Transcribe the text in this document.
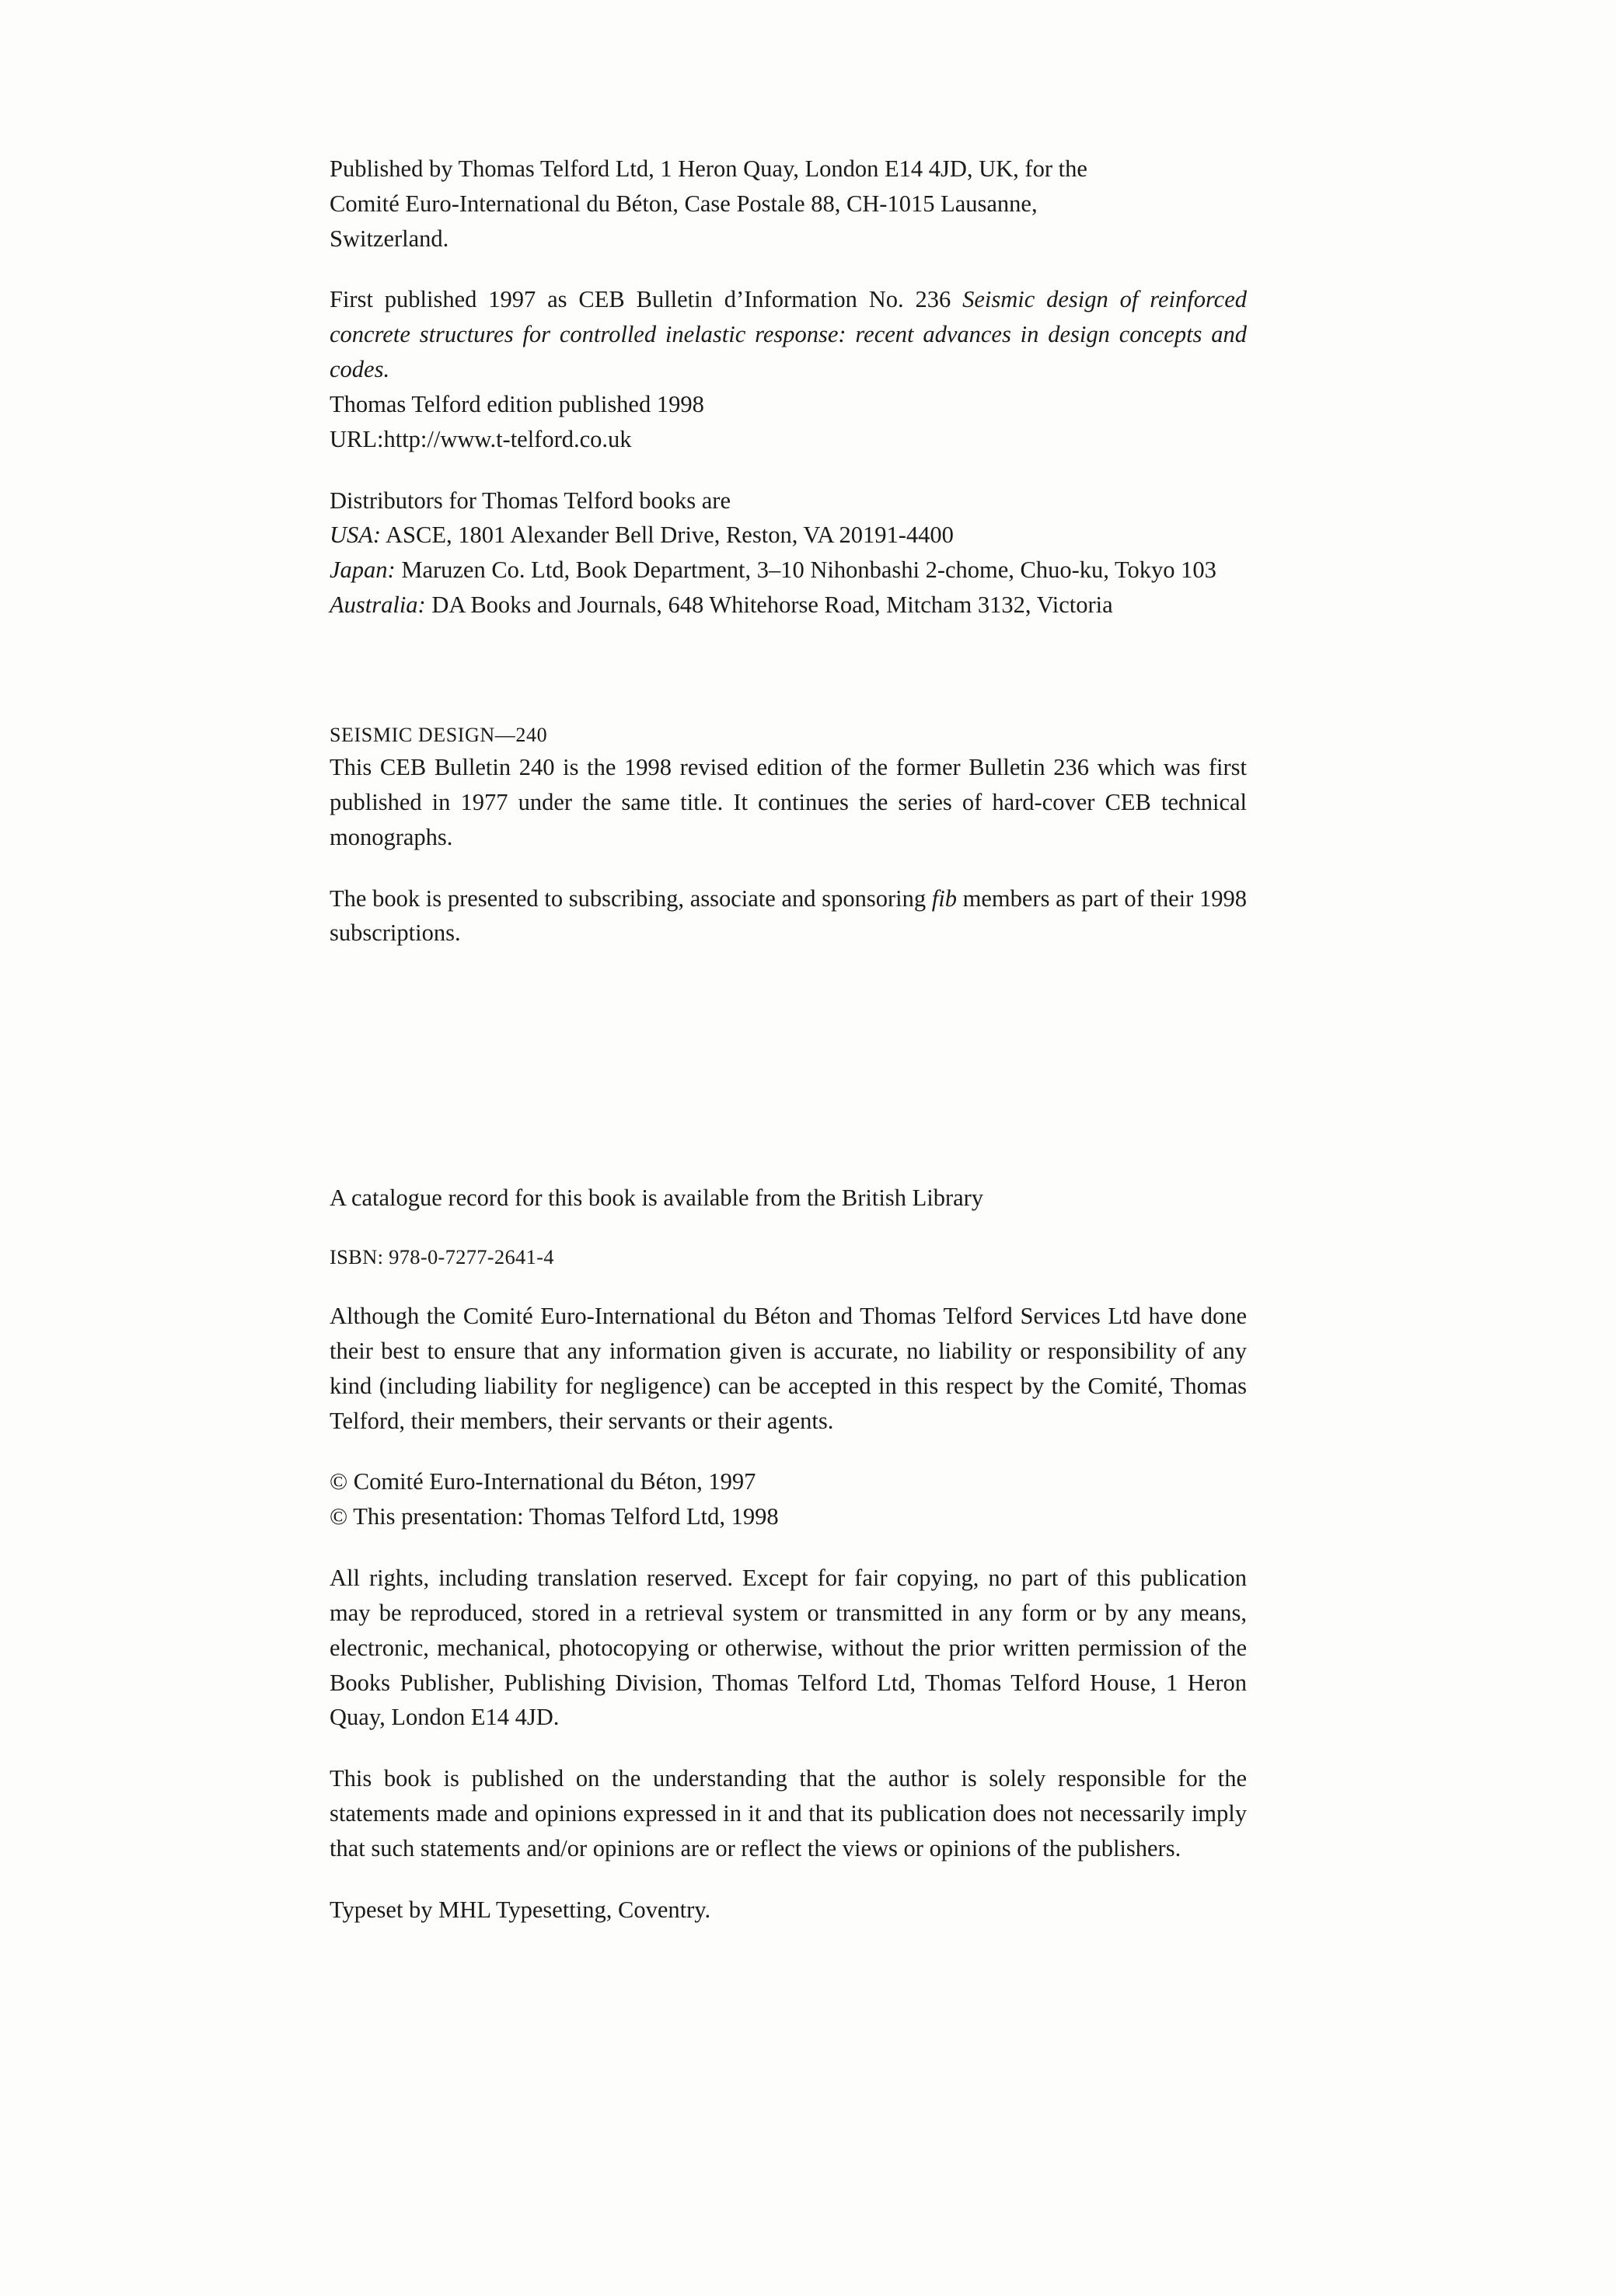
Published by Thomas Telford Ltd, 1 Heron Quay, London E14 4JD, UK, for the

Comité Euro-International du Béton, Case Postale 88, CH-1015 Lausanne,

Switzerland.

First published 1997 as CEB Bulletin d’Information No. 236 Seismic design of reinforced concrete structures for controlled inelastic response: recent advances in design concepts and codes.

Thomas Telford edition published 1998

URL:http://www.t-telford.co.uk

Distributors for Thomas Telford books are

USA: ASCE, 1801 Alexander Bell Drive, Reston, VA 20191-4400

Japan: Maruzen Co. Ltd, Book Department, 3–10 Nihonbashi 2-chome, Chuo-ku, Tokyo 103

Australia: DA Books and Journals, 648 Whitehorse Road, Mitcham 3132, Victoria

SEISMIC DESIGN—240

This CEB Bulletin 240 is the 1998 revised edition of the former Bulletin 236 which was first published in 1977 under the same title. It continues the series of hard-cover CEB technical monographs.

The book is presented to subscribing, associate and sponsoring fib members as part of their 1998 subscriptions.

A catalogue record for this book is available from the British Library

ISBN: 978-0-7277-2641-4

Although the Comité Euro-International du Béton and Thomas Telford Services Ltd have done their best to ensure that any information given is accurate, no liability or responsibility of any kind (including liability for negligence) can be accepted in this respect by the Comité, Thomas Telford, their members, their servants or their agents.

© Comité Euro-International du Béton, 1997

© This presentation: Thomas Telford Ltd, 1998

All rights, including translation reserved. Except for fair copying, no part of this publication may be reproduced, stored in a retrieval system or transmitted in any form or by any means, electronic, mechanical, photocopying or otherwise, without the prior written permission of the Books Publisher, Publishing Division, Thomas Telford Ltd, Thomas Telford House, 1 Heron Quay, London E14 4JD.

This book is published on the understanding that the author is solely responsible for the statements made and opinions expressed in it and that its publication does not necessarily imply that such statements and/or opinions are or reflect the views or opinions of the publishers.

Typeset by MHL Typesetting, Coventry.
